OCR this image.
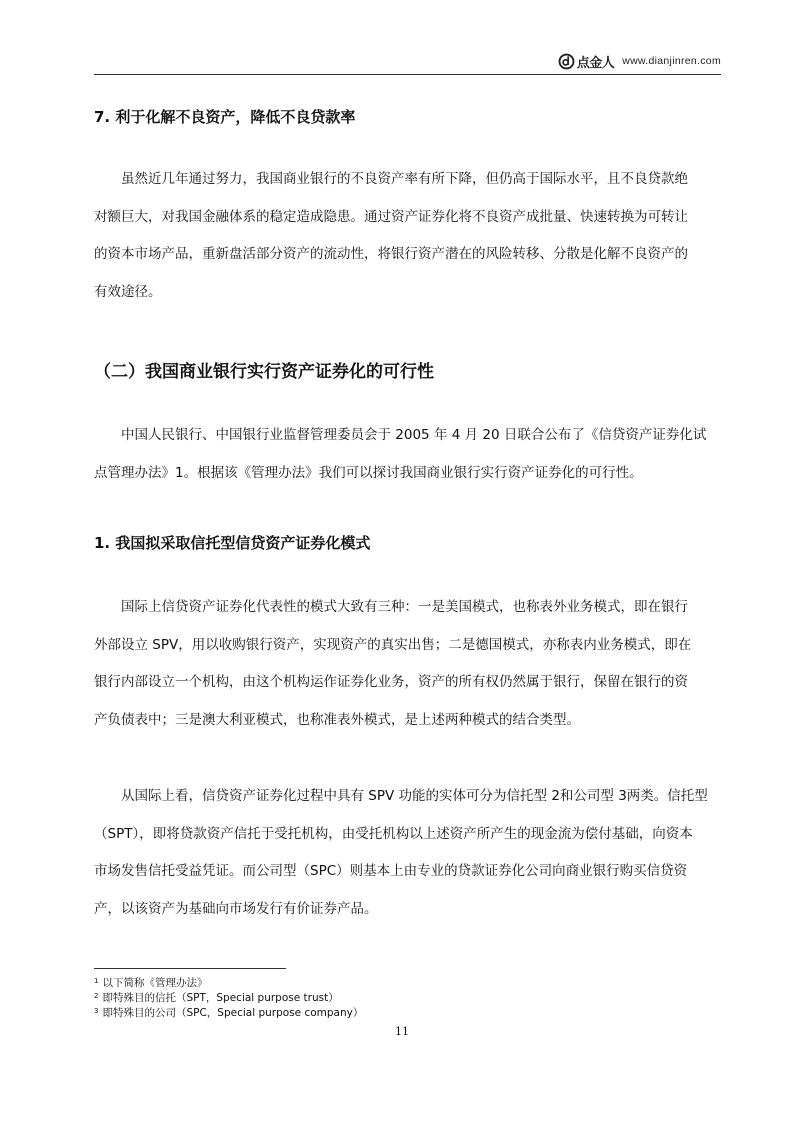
点金人 www.dianjinren.com
7. 利于化解不良资产，降低不良贷款率
虽然近几年通过努力，我国商业银行的不良资产率有所下降，但仍高于国际水平，且不良贷款绝
对额巨大，对我国金融体系的稳定造成隐患。通过资产证券化将不良资产成批量、快速转换为可转让
的资本市场产品，重新盘活部分资产的流动性，将银行资产潜在的风险转移、分散是化解不良资产的
有效途径。
（二）我国商业银行实行资产证券化的可行性
中国人民银行、中国银行业监督管理委员会于 2005 年 4 月 20 日联合公布了《信贷资产证券化试
点管理办法》1。根据该《管理办法》我们可以探讨我国商业银行实行资产证券化的可行性。
1. 我国拟采取信托型信贷资产证券化模式
国际上信贷资产证券化代表性的模式大致有三种：一是美国模式，也称表外业务模式，即在银行
外部设立 SPV，用以收购银行资产，实现资产的真实出售；二是德国模式，亦称表内业务模式，即在
银行内部设立一个机构，由这个机构运作证券化业务，资产的所有权仍然属于银行，保留在银行的资
产负债表中；三是澳大利亚模式，也称准表外模式，是上述两种模式的结合类型。
从国际上看，信贷资产证券化过程中具有 SPV 功能的实体可分为信托型 2和公司型 3两类。信托型
（SPT），即将贷款资产信托于受托机构，由受托机构以上述资产所产生的现金流为偿付基础，向资本
市场发售信托受益凭证。而公司型（SPC）则基本上由专业的贷款证券化公司向商业银行购买信贷资
产，以该资产为基础向市场发行有价证券产品。
$^1$ 以下简称《管理办法》
$^2$ 即特殊目的信托（SPT，Special purpose trust）
$^3$ 即特殊目的公司（SPC，Special purpose company）
11
